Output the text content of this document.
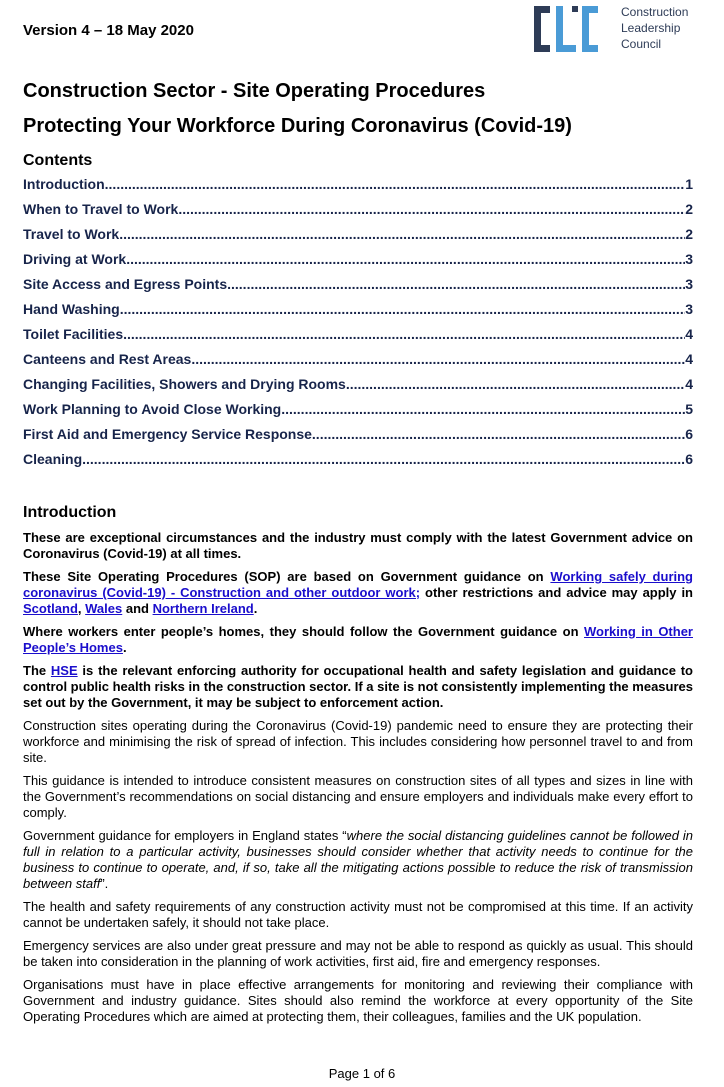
Version 4 – 18 May 2020
Construction
Leadership
Council
Construction Sector - Site Operating Procedures
Protecting Your Workforce During Coronavirus (Covid-19)
Contents
Introduction .....	1
When to Travel to Work .....	2
Travel to Work .....	2
Driving at Work .....	3
Site Access and Egress Points .....	3
Hand Washing .....	3
Toilet Facilities .....	4
Canteens and Rest Areas .....	4
Changing Facilities, Showers and Drying Rooms .....	4
Work Planning to Avoid Close Working .....	5
First Aid and Emergency Service Response .....	6
Cleaning .....	6
Introduction

These are exceptional circumstances and the industry must comply with the latest Government advice on Coronavirus (Covid-19) at all times.

These Site Operating Procedures (SOP) are based on Government guidance on Working safely during coronavirus (Covid-19) - Construction and other outdoor work; other restrictions and advice may apply in Scotland, Wales and Northern Ireland.

Where workers enter people’s homes, they should follow the Government guidance on Working in Other People’s Homes.

The HSE is the relevant enforcing authority for occupational health and safety legislation and guidance to control public health risks in the construction sector. If a site is not consistently implementing the measures set out by the Government, it may be subject to enforcement action.

Construction sites operating during the Coronavirus (Covid-19) pandemic need to ensure they are protecting their workforce and minimising the risk of spread of infection. This includes considering how personnel travel to and from site.

This guidance is intended to introduce consistent measures on construction sites of all types and sizes in line with the Government’s recommendations on social distancing and ensure employers and individuals make every effort to comply.

Government guidance for employers in England states “where the social distancing guidelines cannot be followed in full in relation to a particular activity, businesses should consider whether that activity needs to continue for the business to continue to operate, and, if so, take all the mitigating actions possible to reduce the risk of transmission between staff”.

The health and safety requirements of any construction activity must not be compromised at this time. If an activity cannot be undertaken safely, it should not take place.

Emergency services are also under great pressure and may not be able to respond as quickly as usual. This should be taken into consideration in the planning of work activities, first aid, fire and emergency responses.

Organisations must have in place effective arrangements for monitoring and reviewing their compliance with Government and industry guidance. Sites should also remind the workforce at every opportunity of the Site Operating Procedures which are aimed at protecting them, their colleagues, families and the UK population.

Page 1 of 6
